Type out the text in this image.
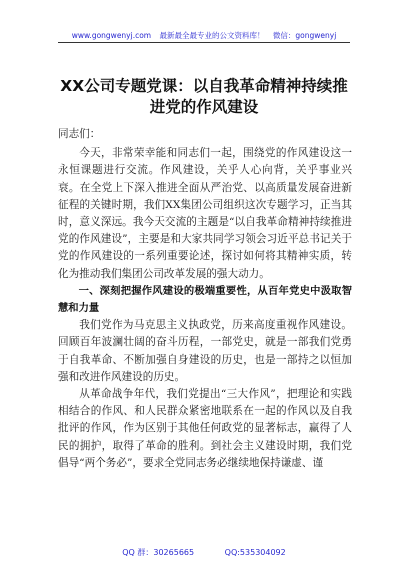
www.gongwenyj.com 最新最全最专业的公文资料库！ 微信：gongwenyj
XX公司专题党课：以自我革命精神持续推进党的作风建设

同志们：

今天，非常荣幸能和同志们一起，围绕党的作风建设这一永恒课题进行交流。作风建设，关乎人心向背，关乎事业兴衰。在全党上下深入推进全面从严治党、以高质量发展奋进新征程的关键时期，我们XX集团公司组织这次专题学习，正当其时，意义深远。我今天交流的主题是“以自我革命精神持续推进党的作风建设”，主要是和大家共同学习领会习近平总书记关于党的作风建设的一系列重要论述，探讨如何将其精神实质，转化为推动我们集团公司改革发展的强大动力。

一、深刻把握作风建设的极端重要性，从百年党史中汲取智慧和力量

我们党作为马克思主义执政党，历来高度重视作风建设。回顾百年波澜壮阔的奋斗历程，一部党史，就是一部我们党勇于自我革命、不断加强自身建设的历史，也是一部持之以恒加强和改进作风建设的历史。

从革命战争年代，我们党提出“三大作风”，把理论和实践相结合的作风、和人民群众紧密地联系在一起的作风以及自我批评的作风，作为区别于其他任何政党的显著标志，赢得了人民的拥护，取得了革命的胜利。到社会主义建设时期，我们党倡导“两个务必”，要求全党同志务必继续地保持谦虚、谨

QQ 群：30265665	QQ:535304092
